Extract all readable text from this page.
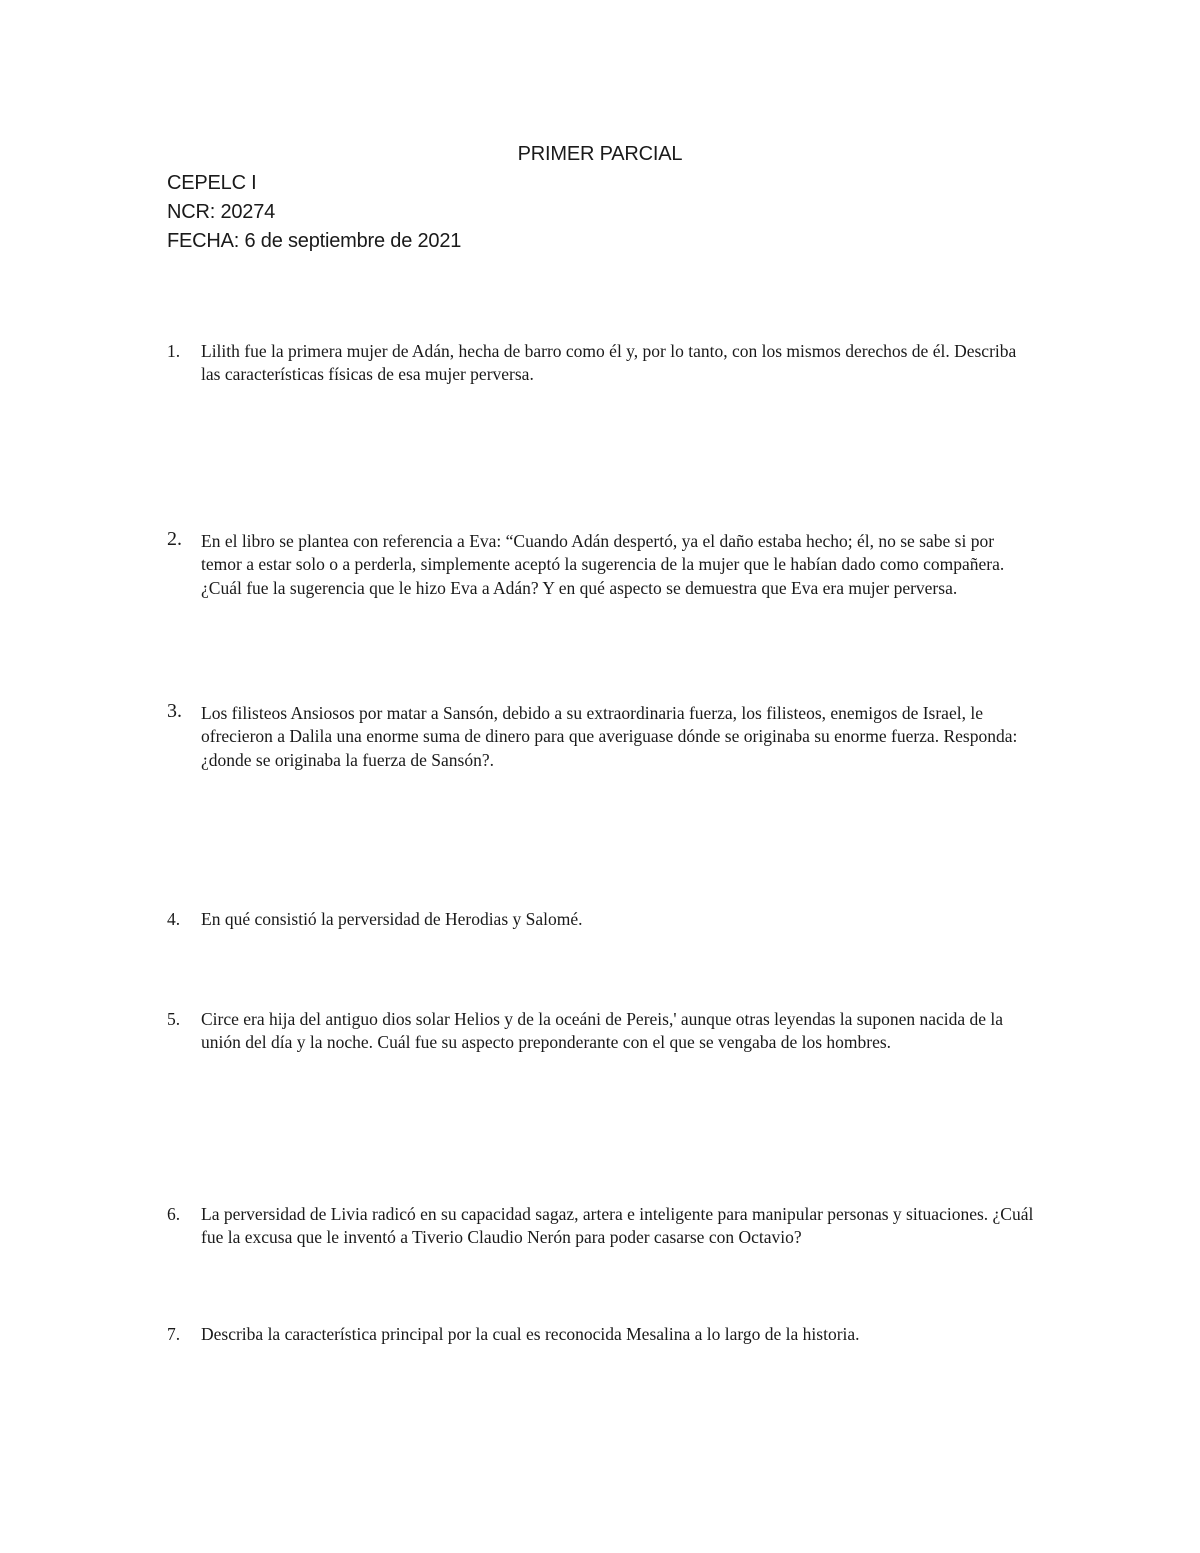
PRIMER PARCIAL
CEPELC I
NCR: 20274
FECHA: 6 de septiembre de 2021
1.	Lilith fue la primera mujer de Adán, hecha de barro como él y, por lo tanto, con los mismos derechos de él. Describa las características físicas de esa mujer perversa.
2.	En el libro se plantea con referencia a Eva: “Cuando Adán despertó, ya el daño estaba hecho; él, no se sabe si por temor a estar solo o a perderla, simplemente aceptó la sugerencia de la mujer que le habían dado como compañera. ¿Cuál fue la sugerencia que le hizo Eva a Adán? Y en qué aspecto se demuestra que Eva era mujer perversa.
3.	Los filisteos Ansiosos por matar a Sansón, debido a su extraordinaria fuerza, los filisteos, enemigos de Israel, le ofrecieron a Dalila una enorme suma de dinero para que averiguase dónde se originaba su enorme fuerza. Responda: ¿donde se originaba la fuerza de Sansón?.
4.	En qué consistió la perversidad de Herodias y Salomé.
5.	Circe era hija del antiguo dios solar Helios y de la oceáni de Pereis,' aunque otras leyendas la suponen nacida de la unión del día y la noche. Cuál fue su aspecto preponderante con el que se vengaba de los hombres.
6.	La perversidad de Livia radicó en su capacidad sagaz, artera e inteligente para manipular personas y situaciones. ¿Cuál fue la excusa que le inventó a Tiverio Claudio Nerón para poder casarse con Octavio?
7.	Describa la característica principal por la cual es reconocida Mesalina a lo largo de la historia.
